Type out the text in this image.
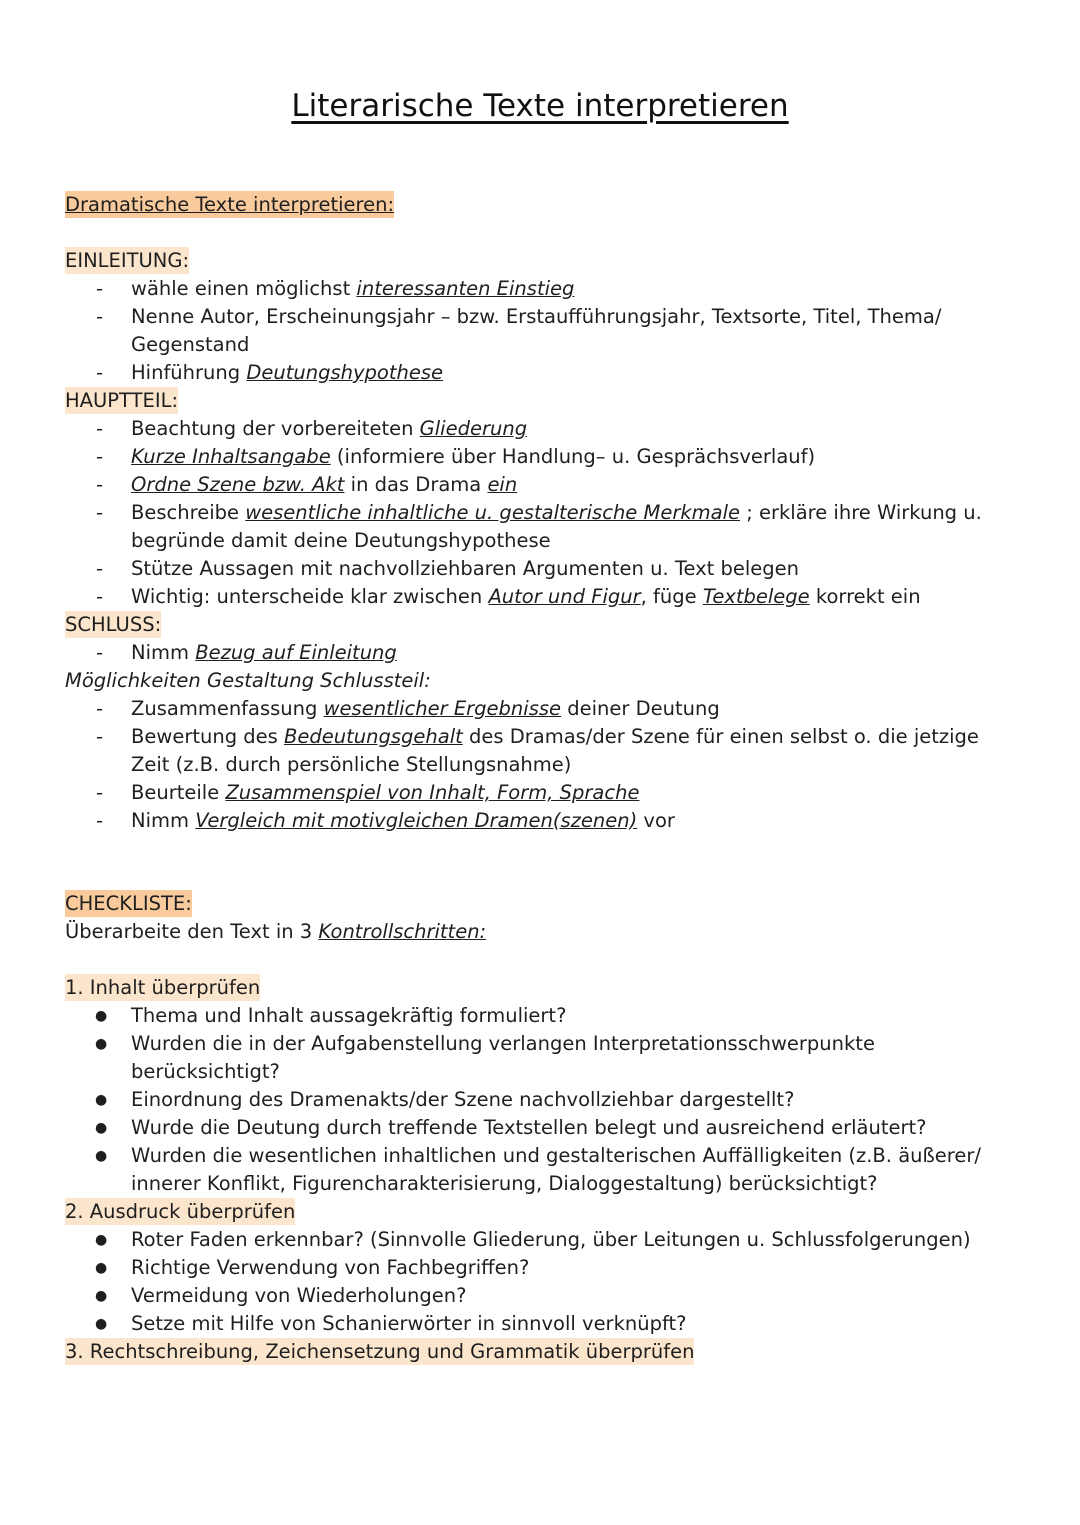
Literarische Texte interpretieren
Dramatische Texte interpretieren:
EINLEITUNG:
- wähle einen möglichst interessanten Einstieg
- Nenne Autor, Erscheinungsjahr – bzw. Erstaufführungsjahr, Textsorte, Titel, Thema/
Gegenstand
- Hinführung Deutungshypothese
HAUPTTEIL:
- Beachtung der vorbereiteten Gliederung
- Kurze Inhaltsangabe (informiere über Handlung– u. Gesprächsverlauf)
- Ordne Szene bzw. Akt in das Drama ein
- Beschreibe wesentliche inhaltliche u. gestalterische Merkmale ; erkläre ihre Wirkung u.
begründe damit deine Deutungshypothese
- Stütze Aussagen mit nachvollziehbaren Argumenten u. Text belegen
- Wichtig: unterscheide klar zwischen Autor und Figur, füge Textbelege korrekt ein
SCHLUSS:
- Nimm Bezug auf Einleitung
Möglichkeiten Gestaltung Schlussteil:
- Zusammenfassung wesentlicher Ergebnisse deiner Deutung
- Bewertung des Bedeutungsgehalt des Dramas/der Szene für einen selbst o. die jetzige
Zeit (z.B. durch persönliche Stellungsnahme)
- Beurteile Zusammenspiel von Inhalt, Form, Sprache
- Nimm Vergleich mit motivgleichen Dramen(szenen) vor
CHECKLISTE:
Überarbeite den Text in 3 Kontrollschritten:
1. Inhalt überprüfen
● Thema und Inhalt aussagekräftig formuliert?
● Wurden die in der Aufgabenstellung verlangen Interpretationsschwerpunkte
berücksichtigt?
● Einordnung des Dramenakts/der Szene nachvollziehbar dargestellt?
● Wurde die Deutung durch treffende Textstellen belegt und ausreichend erläutert?
● Wurden die wesentlichen inhaltlichen und gestalterischen Auffälligkeiten (z.B. äußerer/
innerer Konflikt, Figurencharakterisierung, Dialoggestaltung) berücksichtigt?
2. Ausdruck überprüfen
● Roter Faden erkennbar? (Sinnvolle Gliederung, über Leitungen u. Schlussfolgerungen)
● Richtige Verwendung von Fachbegriffen?
● Vermeidung von Wiederholungen?
● Setze mit Hilfe von Schanierwörter in sinnvoll verknüpft?
3. Rechtschreibung, Zeichensetzung und Grammatik überprüfen
